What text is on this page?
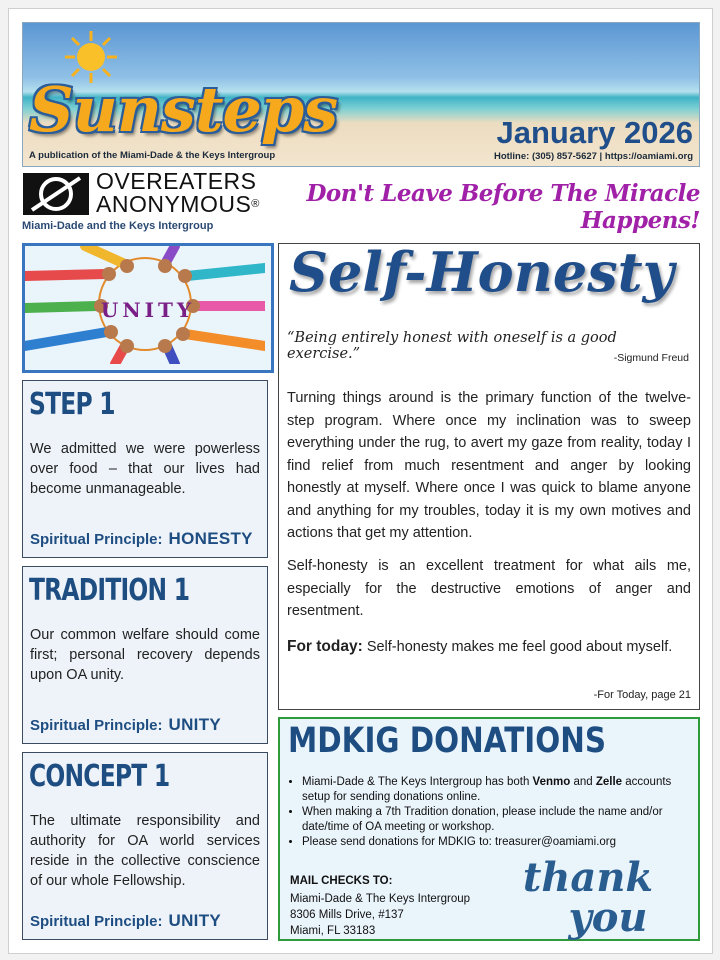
Sunsteps	January 2026
A publication of the Miami-Dade & the Keys Intergroup	Hotline: (305) 857-5627 | https://oamiami.org
OVEREATERS
ANONYMOUS®
Miami-Dade and the Keys Intergroup
Don't Leave Before The Miracle Happens!
UNITY
STEP 1

We admitted we were powerless over food – that our lives had become unmanageable.

Spiritual Principle: HONESTY
TRADITION 1

Our common welfare should come first; personal recovery depends upon OA unity.

Spiritual Principle: UNITY
CONCEPT 1

The ultimate responsibility and authority for OA world services reside in the collective conscience of our whole Fellowship.

Spiritual Principle: UNITY
Self-Honesty
“Being entirely honest with oneself is a good exercise.”	-Sigmund Freud

Turning things around is the primary function of the twelve-step program. Where once my inclination was to sweep everything under the rug, to avert my gaze from reality, today I find relief from much resentment and anger by looking honestly at myself. Where once I was quick to blame anyone and anything for my troubles, today it is my own motives and actions that get my attention.

Self-honesty is an excellent treatment for what ails me, especially for the destructive emotions of anger and resentment.

For today: Self-honesty makes me feel good about myself.
-For Today, page 21
MDKIG DONATIONS
• Miami-Dade & The Keys Intergroup has both Venmo and Zelle accounts setup for sending donations online.
• When making a 7th Tradition donation, please include the name and/or date/time of OA meeting or workshop.
• Please send donations for MDKIG to: treasurer@oamiami.org
MAIL CHECKS TO:
Miami-Dade & The Keys Intergroup
8306 Mills Drive, #137
Miami, FL 33183
thank
you
